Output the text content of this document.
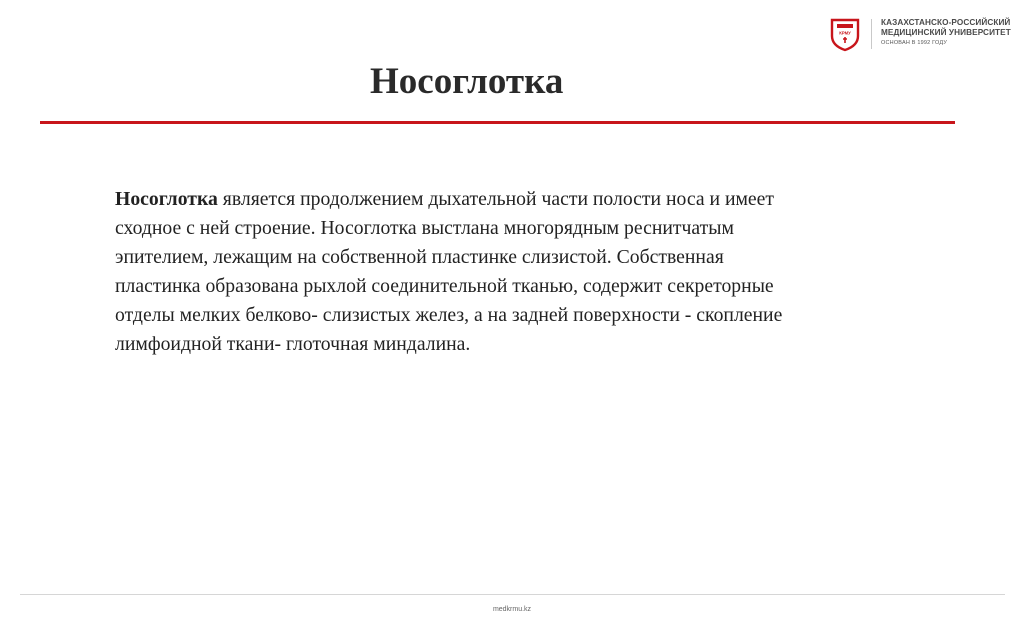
КРМУ
КАЗАХСТАНСКО-РОССИЙСКИЙ
МЕДИЦИНСКИЙ УНИВЕРСИТЕТ
ОСНОВАН В 1992 ГОДУ
Носоглотка

Носоглотка является продолжением дыхательной части полости носа и имеет
сходное с ней строение. Носоглотка выстлана многорядным реснитчатым
эпителием, лежащим на собственной пластинке слизистой. Собственная
пластинка образована рыхлой соединительной тканью, содержит секреторные
отделы мелких белково- слизистых желез, а на задней поверхности - скопление
лимфоидной ткани- глоточная миндалина.

medkrmu.kz
